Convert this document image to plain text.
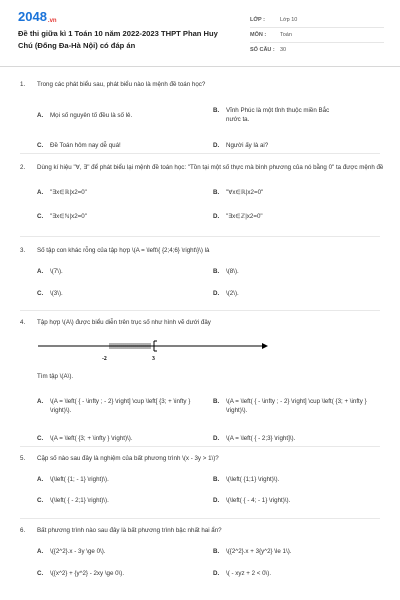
2048.vn
Đề thi giữa kì 1 Toán 10 năm 2022-2023 THPT Phan Huy Chú (Đống Đa-Hà Nội) có đáp án
LỚP :	Lớp 10
MÔN :	Toán
SỐ CÂU : 30
1.	Trong các phát biểu sau, phát biểu nào là mệnh đề toán học?
A.	Mọi số nguyên tố đều là số lẻ.
B.	Vĩnh Phúc là một tỉnh thuộc miền Bắc nước ta.
C.	Đề Toán hôm nay dễ quá!	D.	Người ấy là ai?
2.	Dùng kí hiệu "∀, ∃" để phát biểu lại mệnh đề toán học: "Tồn tại một số thực mà bình phương của nó bằng 0" ta được mệnh đề
A.	"∃x∈ℝ|x2=0"	B.	"∀x∈ℝ|x2=0"
C.	"∃x∈ℕ|x2=0"	D.	"∃x∈ℤ|x2=0"
3.	Số tập con khác rỗng của tập hợp \(A = \left\{ {2;4;6} \right\}\) là
A.	\(7\).	B.	\(8\).
C.	\(3\).	D.	\(2\).
4.	Tập hợp \(A\) được biểu diễn trên trục số như hình vẽ dưới đây
-2	3
Tìm tập \(A\).
A.	\(A = \left( { - \infty ; - 2} \right] \cup \left[ {3; + \infty } \right)\).
B.	\(A = \left( { - \infty ; - 2} \right] \cup \left( {3; + \infty } \right)\).
C.	\(A = \left( {3; + \infty } \right)\).	D.	\(A = \left( { - 2;3} \right]\).
5.	Cặp số nào sau đây là nghiệm của bất phương trình \(x - 3y > 1\)?
A.	\(\left( {1; - 1} \right)\).	B.	\(\left( {1;1} \right)\).
C.	\(\left( { - 2;1} \right)\).	D.	\(\left( { - 4; - 1} \right)\).
6.	Bất phương trình nào sau đây là bất phương trình bậc nhất hai ẩn?
A.	\({2^2}.x - 3y \ge 0\).	B.	\({2^2}.x + 3{y^2} \le 1\).
C.	\({x^2} + {y^2} - 2xy \ge 0\).	D.	\( - xyz + 2 < 0\).
